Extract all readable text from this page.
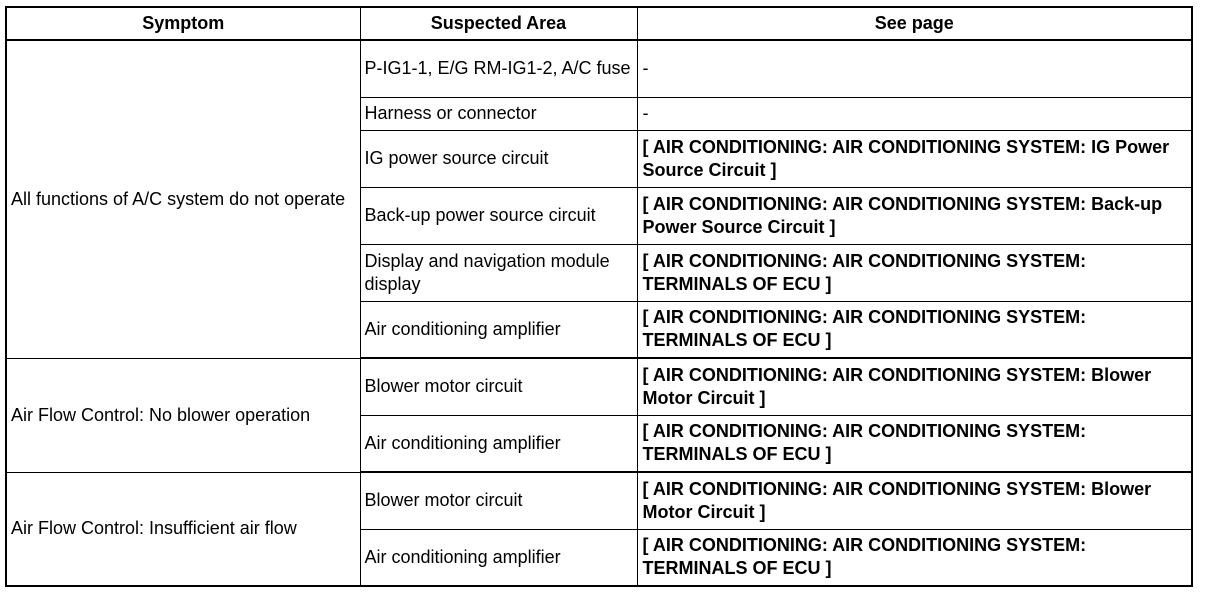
Symptom	Suspected Area	See page
All functions of A/C system do not operate	P-IG1-1, E/G RM-IG1-2, A/C fuse	-
	Harness or connector	-
	IG power source circuit	[ AIR CONDITIONING: AIR CONDITIONING SYSTEM: IG Power Source Circuit ]
	Back-up power source circuit	[ AIR CONDITIONING: AIR CONDITIONING SYSTEM: Back-up Power Source Circuit ]
	Display and navigation module display	[ AIR CONDITIONING: AIR CONDITIONING SYSTEM: TERMINALS OF ECU ]
	Air conditioning amplifier	[ AIR CONDITIONING: AIR CONDITIONING SYSTEM: TERMINALS OF ECU ]
Air Flow Control: No blower operation	Blower motor circuit	[ AIR CONDITIONING: AIR CONDITIONING SYSTEM: Blower Motor Circuit ]
	Air conditioning amplifier	[ AIR CONDITIONING: AIR CONDITIONING SYSTEM: TERMINALS OF ECU ]
Air Flow Control: Insufficient air flow	Blower motor circuit	[ AIR CONDITIONING: AIR CONDITIONING SYSTEM: Blower Motor Circuit ]
	Air conditioning amplifier	[ AIR CONDITIONING: AIR CONDITIONING SYSTEM: TERMINALS OF ECU ]
